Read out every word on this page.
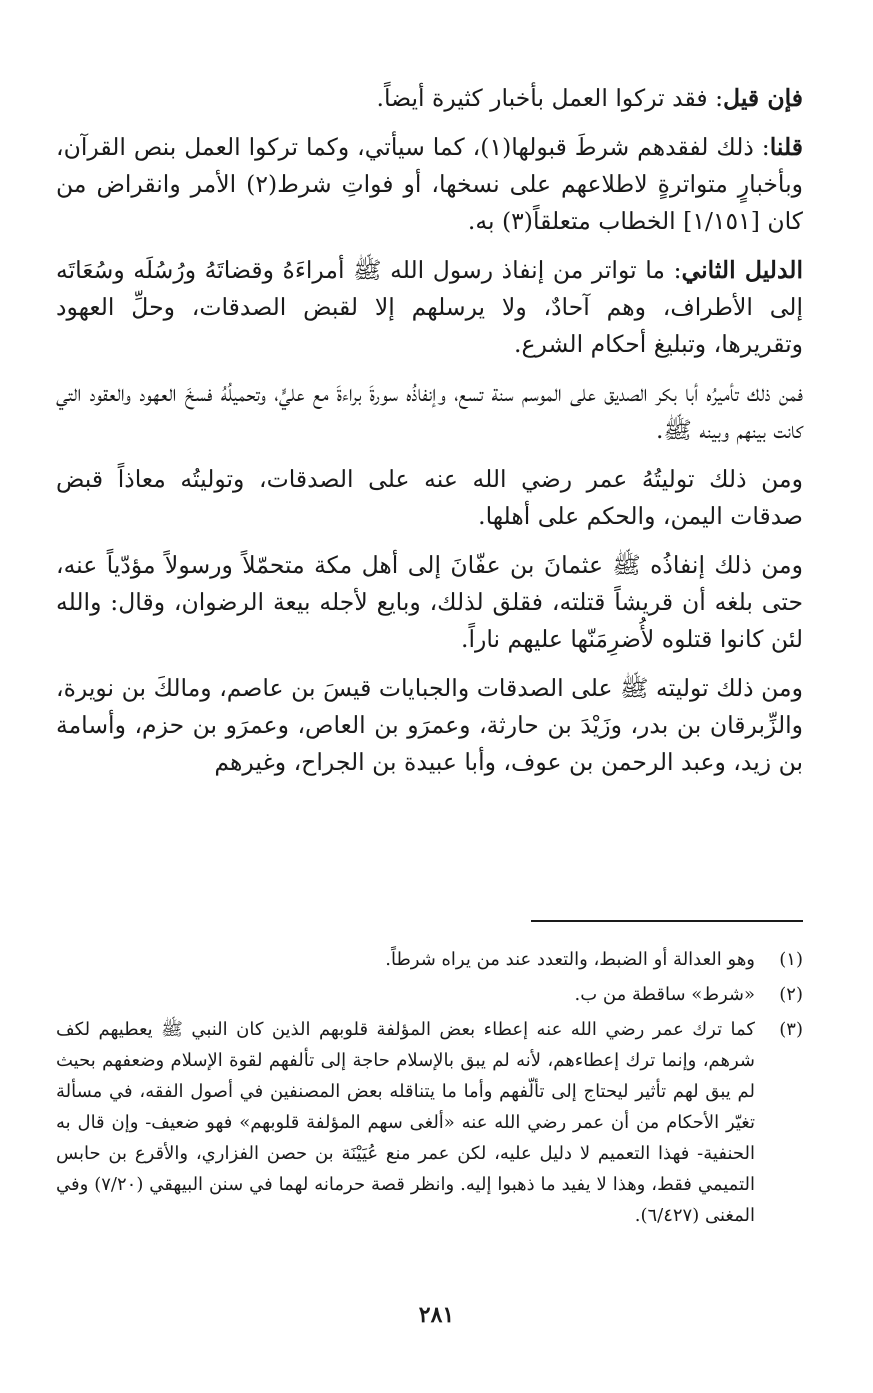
فإن قيل: فقد تركوا العمل بأخبار كثيرة أيضاً.

قلنا: ذلك لفقدهم شرطَ قبولها(١)، كما سيأتي، وكما تركوا العمل بنص القرآن، وبأخبارٍ متواترةٍ لاطلاعهم على نسخها، أو فواتِ شرط(٢) الأمر وانقراض من كان [١/١٥١] الخطاب متعلقاً(٣) به.

الدليل الثاني: ما تواتر من إنفاذ رسول الله ﷺ أمراءَهُ وقضاتَهُ ورُسُلَه وسُعَاتَه إلى الأطراف، وهم آحادٌ، ولا يرسلهم إلا لقبض الصدقات، وحلِّ العهود وتقريرها، وتبليغ أحكام الشرع.

فمن ذلك تأميرُه أبا بكر الصديق على الموسم سنة تسع، وإنفاذُه سورةَ براءةَ مع عليٍّ، وتحميلُهُ فسخَ العهود والعقود التي كانت بينهم وبينه ﷺ.

ومن ذلك توليتُهُ عمر رضي الله عنه على الصدقات، وتوليتُه معاذاً قبض صدقات اليمن، والحكم على أهلها.

ومن ذلك إنفاذُه ﷺ عثمانَ بن عفّانَ إلى أهل مكة متحمّلاً ورسولاً مؤدّياً عنه، حتى بلغه أن قريشاً قتلته، فقلق لذلك، وبايع لأجله بيعة الرضوان، وقال: والله لئن كانوا قتلوه لأُضرِمَنّها عليهم ناراً.

ومن ذلك توليته ﷺ على الصدقات والجبايات قيسَ بن عاصم، ومالكَ بن نويرة، والزِّبرقان بن بدر، وزَيْدَ بن حارثة، وعمرَو بن العاص، وعمرَو بن حزم، وأسامة بن زيد، وعبد الرحمن بن عوف، وأبا عبيدة بن الجراح، وغيرهم

(١)
وهو العدالة أو الضبط، والتعدد عند من يراه شرطاً.
(٢)
«شرط» ساقطة من ب.
(٣)
كما ترك عمر رضي الله عنه إعطاء بعض المؤلفة قلوبهم الذين كان النبي ﷺ يعطيهم لكف شرهم، وإنما ترك إعطاءهم، لأنه لم يبق بالإسلام حاجة إلى تألفهم لقوة الإسلام وضعفهم بحيث لم يبق لهم تأثير ليحتاج إلى تألّفهم وأما ما يتناقله بعض المصنفين في أصول الفقه، في مسألة تغيّر الأحكام من أن عمر رضي الله عنه «ألغى سهم المؤلفة قلوبهم» فهو ضعيف- وإن قال به الحنفية- فهذا التعميم لا دليل عليه، لكن عمر منع عُيَيْنَة بن حصن الفزاري، والأقرع بن حابس التميمي فقط، وهذا لا يفيد ما ذهبوا إليه. وانظر قصة حرمانه لهما في سنن البيهقي (٧/٢٠) وفي المغنى (٦/٤٢٧).
٢٨١
